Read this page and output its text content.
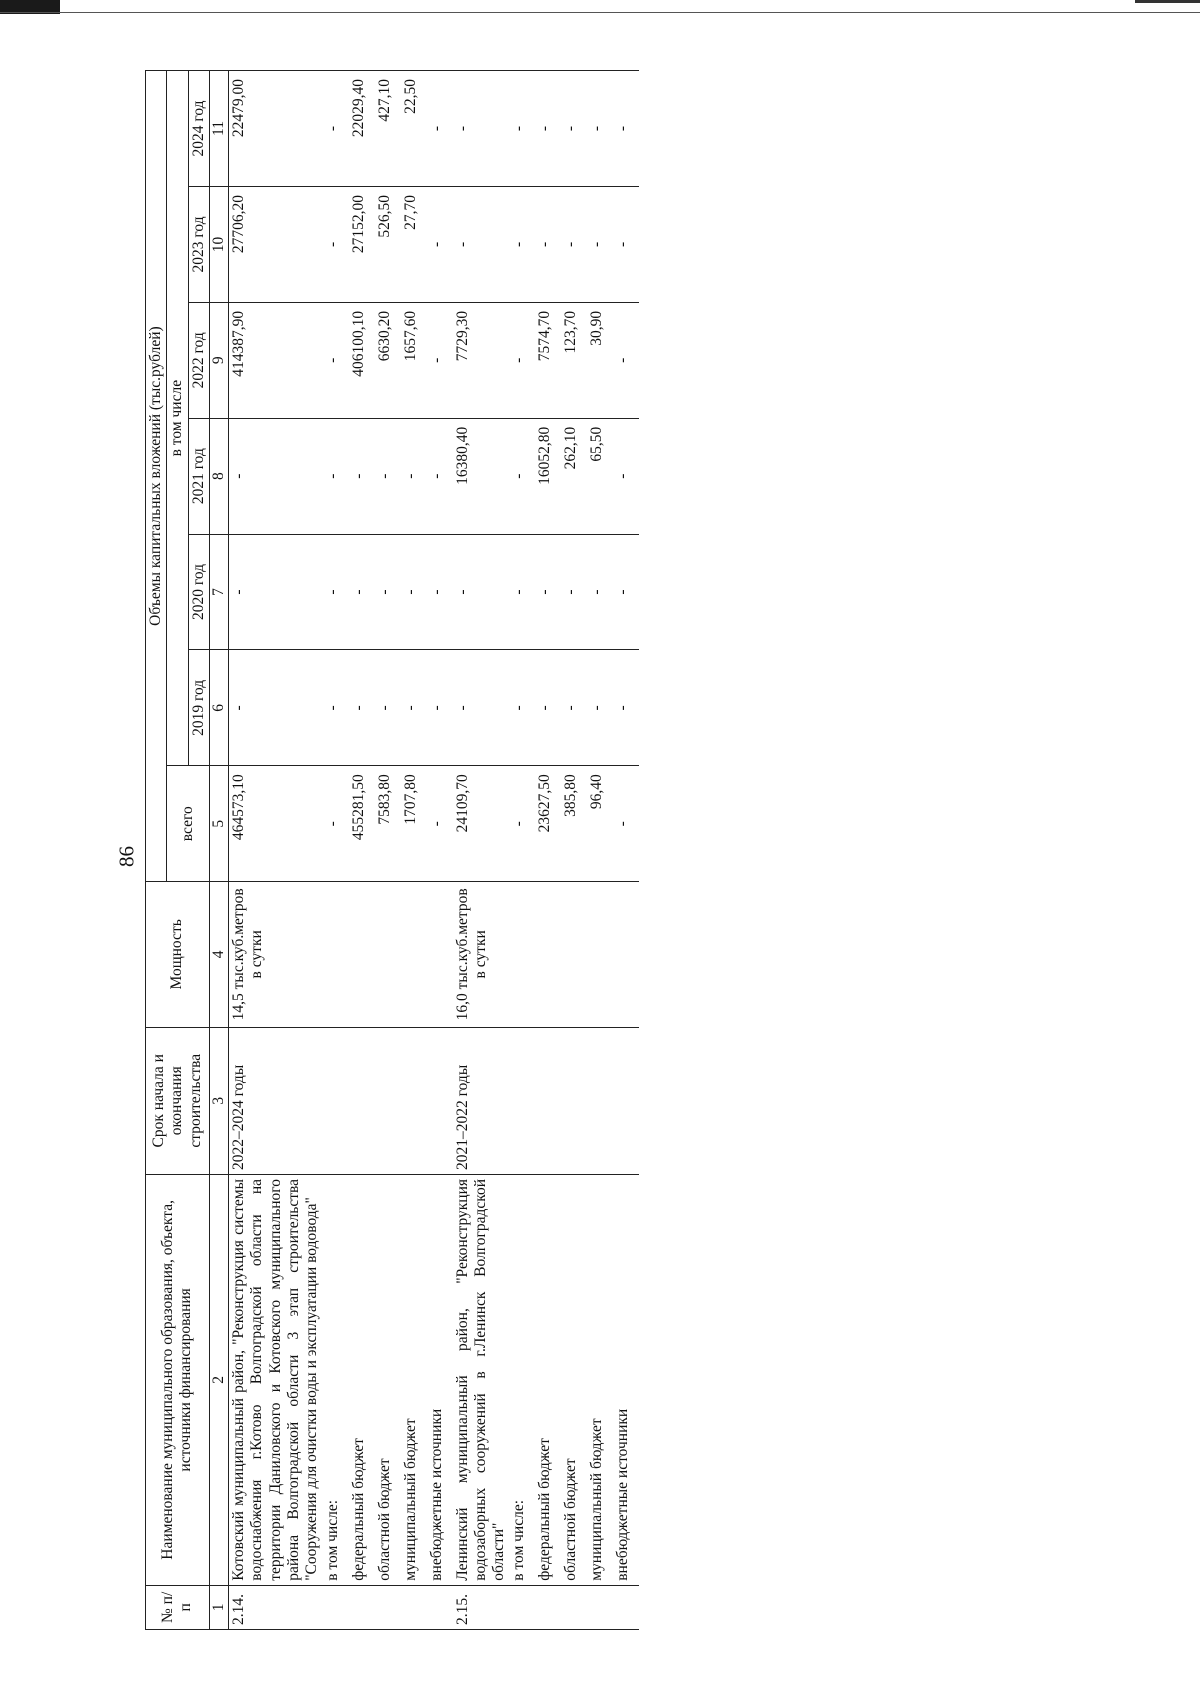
86
№ п/п	Наименование муниципального образования, объекта, источники финансирования	Срок начала и окончания строительства	Мощность	Объемы капитальных вложений (тыс.рублей)						
				всего	в том числе					
					2019 год	2020 год	2021 год	2022 год	2023 год	2024 год
1	2	3	4	5	6	7	8	9	10	11
2.14.	Котовский муниципальный район, "Реконструкция системы водоснабжения г.Котово Волгоградской области на территории Даниловского и Котовского муниципального района Волгоградской области 3 этап строительства "Сооружения для очистки воды и эксплуатации водовода"	2022–2024 годы	14,5 тыс.куб.метров в сутки	464573,10	-	-	-	414387,90	27706,20	22479,00
	в том числе:			-	-	-	-	-	-	-
	федеральный бюджет			455281,50	-	-	-	406100,10	27152,00	22029,40
	областной бюджет			7583,80	-	-	-	6630,20	526,50	427,10
	муниципальный бюджет			1707,80	-	-	-	1657,60	27,70	22,50
	внебюджетные источники			-	-	-	-	-	-	-
2.15.	Ленинский муниципальный район, "Реконструкция водозаборных сооружений в г.Ленинск Волгоградской области"	2021–2022 годы	16,0 тыс.куб.метров в сутки	24109,70	-	-	16380,40	7729,30	-	-
	в том числе:			-	-	-	-	-	-	-
	федеральный бюджет			23627,50	-	-	16052,80	7574,70	-	-
	областной бюджет			385,80	-	-	262,10	123,70	-	-
	муниципальный бюджет			96,40	-	-	65,50	30,90	-	-
	внебюджетные источники			-	-	-	-	-	-	-
